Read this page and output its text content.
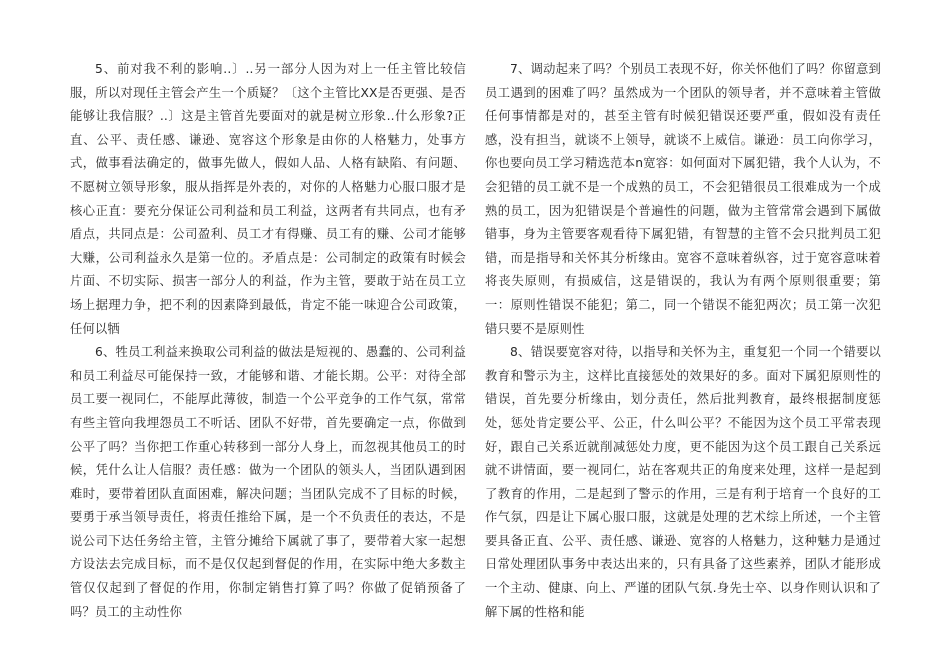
5、前对我不利的影响..〕..另一部分人因为对上一任主管比较信服，所以对现任主管会产生一个质疑？〔这个主管比XX是否更强、是否能够让我信服？..〕这是主管首先要面对的就是树立形象..什么形象?正直、公平、责任感、谦逊、宽容这个形象是由你的人格魅力，处事方式，做事看法确定的，做事先做人，假如人品、人格有缺陷、有问题、不愿树立领导形象，服从指挥是外表的，对你的人格魅力心服口服才是核心正直：要充分保证公司利益和员工利益，这两者有共同点，也有矛盾点，共同点是：公司盈利、员工才有得赚、员工有的赚、公司才能够大赚，公司利益永久是第一位的。矛盾点是：公司制定的政策有时候会片面、不切实际、损害一部分人的利益，作为主管，要敢于站在员工立场上据理力争，把不利的因素降到最低，肯定不能一味迎合公司政策，任何以牺

6、牲员工利益来换取公司利益的做法是短视的、愚蠢的、公司利益和员工利益尽可能保持一致，才能够和谐、才能长期。公平：对待全部员工要一视同仁，不能厚此薄彼，制造一个公平竞争的工作气氛，常常有些主管向我埋怨员工不听话、团队不好带，首先要确定一点，你做到公平了吗？当你把工作重心转移到一部分人身上，而忽视其他员工的时候，凭什么让人信服？责任感：做为一个团队的领头人，当团队遇到困难时，要带着团队直面困难，解决问题；当团队完成不了目标的时候，要勇于承当领导责任，将责任推给下属，是一个不负责任的表达，不是说公司下达任务给主管，主管分摊给下属就了事了，要带着大家一起想方设法去完成目标，而不是仅仅起到督促的作用，在实际中绝大多数主管仅仅起到了督促的作用，你制定销售打算了吗？你做了促销预备了吗？员工的主动性你

7、调动起来了吗？个别员工表现不好，你关怀他们了吗？你留意到员工遇到的困难了吗？虽然成为一个团队的领导者，并不意味着主管做任何事情都是对的，甚至主管有时候犯错误还要严重，假如没有责任感，没有担当，就谈不上领导，就谈不上威信。谦逊：员工向你学习，你也要向员工学习精选范本n宽容：如何面对下属犯错，我个人认为，不会犯错的员工就不是一个成熟的员工，不会犯错很员工很难成为一个成熟的员工，因为犯错误是个普遍性的问题，做为主管常常会遇到下属做错事，身为主管要客观看待下属犯错，有智慧的主管不会只批判员工犯错，而是指导和关怀其分析缘由。宽容不意味着纵容，过于宽容意味着将丧失原则，有损威信，这是错误的，我认为有两个原则很重要；第一：原则性错误不能犯；第二，同一个错误不能犯两次；员工第一次犯错只要不是原则性

8、错误要宽容对待，以指导和关怀为主，重复犯一个同一个错要以教育和警示为主，这样比直接惩处的效果好的多。面对下属犯原则性的错误，首先要分析缘由，划分责任，然后批判教育，最终根据制度惩处，惩处肯定要公平、公正，什么叫公平？不能因为这个员工平常表现好，跟自己关系近就削减惩处力度，更不能因为这个员工跟自己关系远就不讲情面，要一视同仁，站在客观共正的角度来处理，这样一是起到了教育的作用，二是起到了警示的作用，三是有利于培育一个良好的工作气氛，四是让下属心服口服，这就是处理的艺术综上所述，一个主管要具备正直、公平、责任感、谦逊、宽容的人格魅力，这种魅力是通过日常处理团队事务中表达出来的，只有具备了这些素养，团队才能形成一个主动、健康、向上、严谨的团队气氛.身先士卒、以身作则认识和了解下属的性格和能
